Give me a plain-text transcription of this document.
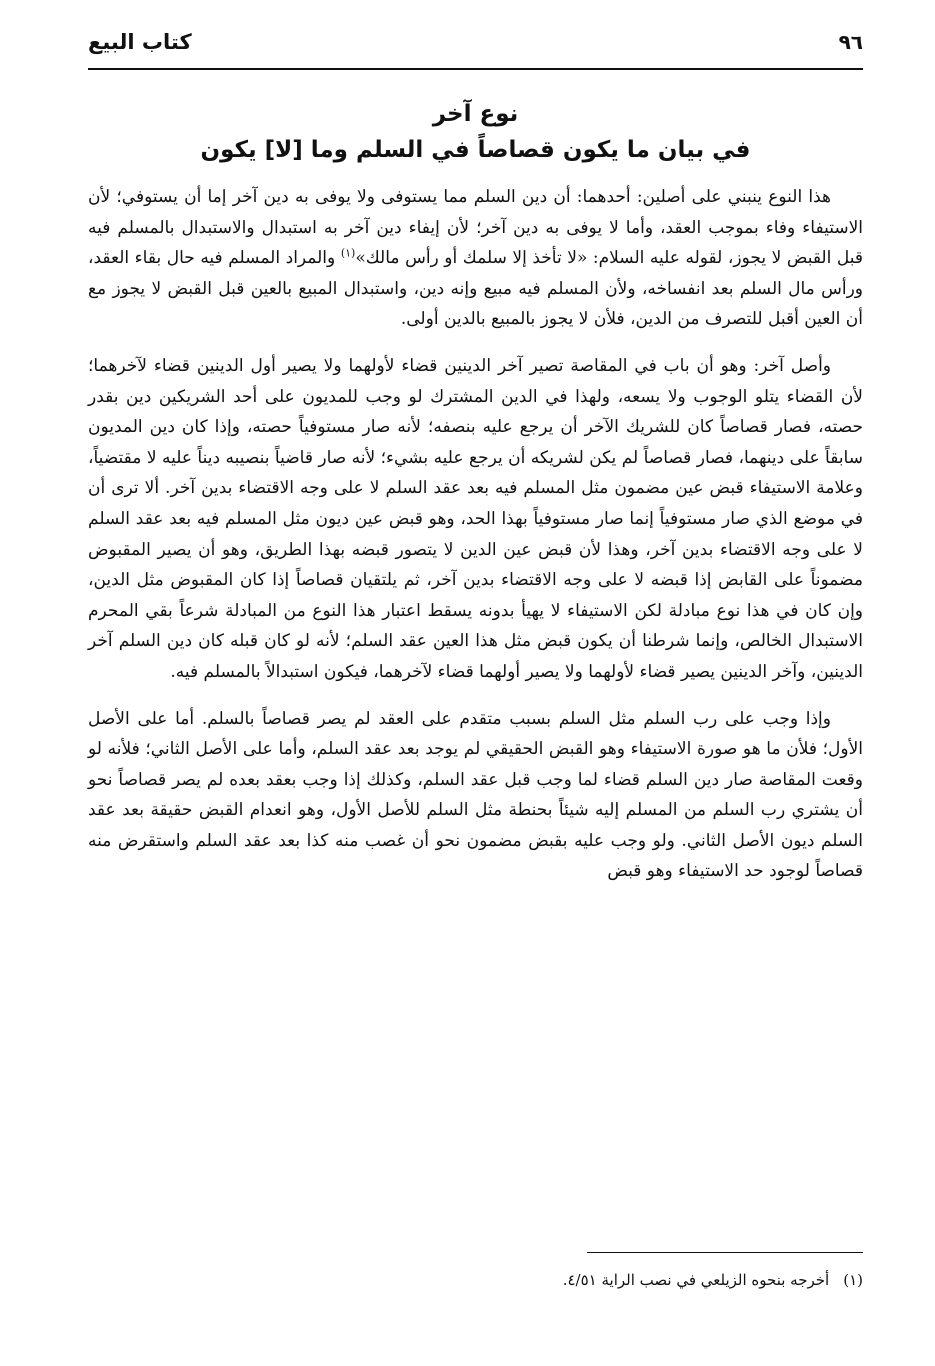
٩٦
كتاب البيع
نوع آخر
في بيان ما يكون قصاصاً في السلم وما [لا] يكون

هذا النوع ينبني على أصلين: أحدهما: أن دين السلم مما يستوفى ولا يوفى به دين آخر إما أن يستوفي؛ لأن الاستيفاء وفاء بموجب العقد، وأما لا يوفى به دين آخر؛ لأن إيفاء دين آخر به استبدال والاستبدال بالمسلم فيه قبل القبض لا يجوز، لقوله عليه السلام: «لا تأخذ إلا سلمك أو رأس مالك»$^{(١)}$ والمراد المسلم فيه حال بقاء العقد، ورأس مال السلم بعد انفساخه، ولأن المسلم فيه مبيع وإنه دين، واستبدال المبيع بالعين قبل القبض لا يجوز مع أن العين أقبل للتصرف من الدين، فلأن لا يجوز بالمبيع بالدين أولى.

وأصل آخر: وهو أن باب في المقاصة تصير آخر الدينين قضاء لأولهما ولا يصير أول الدينين قضاء لآخرهما؛ لأن القضاء يتلو الوجوب ولا يسعه، ولهذا في الدين المشترك لو وجب للمديون على أحد الشريكين دين بقدر حصته، فصار قصاصاً كان للشريك الآخر أن يرجع عليه بنصفه؛ لأنه صار مستوفياً حصته، وإذا كان دين المديون سابقاً على دينهما، فصار قصاصاً لم يكن لشريكه أن يرجع عليه بشيء؛ لأنه صار قاضياً بنصيبه ديناً عليه لا مقتضياً، وعلامة الاستيفاء قبض عين مضمون مثل المسلم فيه بعد عقد السلم لا على وجه الاقتضاء بدين آخر. ألا ترى أن في موضع الذي صار مستوفياً إنما صار مستوفياً بهذا الحد، وهو قبض عين ديون مثل المسلم فيه بعد عقد السلم لا على وجه الاقتضاء بدين آخر، وهذا لأن قبض عين الدين لا يتصور قبضه بهذا الطريق، وهو أن يصير المقبوض مضموناً على القابض إذا قبضه لا على وجه الاقتضاء بدين آخر، ثم يلتقيان قصاصاً إذا كان المقبوض مثل الدين، وإن كان في هذا نوع مبادلة لكن الاستيفاء لا يهيأ بدونه يسقط اعتبار هذا النوع من المبادلة شرعاً بقي المحرم الاستبدال الخالص، وإنما شرطنا أن يكون قبض مثل هذا العين عقد السلم؛ لأنه لو كان قبله كان دين السلم آخر الدينين، وآخر الدينين يصير قضاء لأولهما ولا يصير أولهما قضاء لآخرهما، فيكون استبدالاً بالمسلم فيه.

وإذا وجب على رب السلم مثل السلم بسبب متقدم على العقد لم يصر قصاصاً بالسلم. أما على الأصل الأول؛ فلأن ما هو صورة الاستيفاء وهو القبض الحقيقي لم يوجد بعد عقد السلم، وأما على الأصل الثاني؛ فلأنه لو وقعت المقاصة صار دين السلم قضاء لما وجب قبل عقد السلم، وكذلك إذا وجب بعقد بعده لم يصر قصاصاً نحو أن يشتري رب السلم من المسلم إليه شيئاً بحنطة مثل السلم للأصل الأول، وهو انعدام القبض حقيقة بعد عقد السلم ديون الأصل الثاني. ولو وجب عليه بقبض مضمون نحو أن غصب منه كذا بعد عقد السلم واستقرض منه قصاصاً لوجود حد الاستيفاء وهو قبض

(١)أخرجه بنحوه الزيلعي في نصب الراية ٤/٥١.
